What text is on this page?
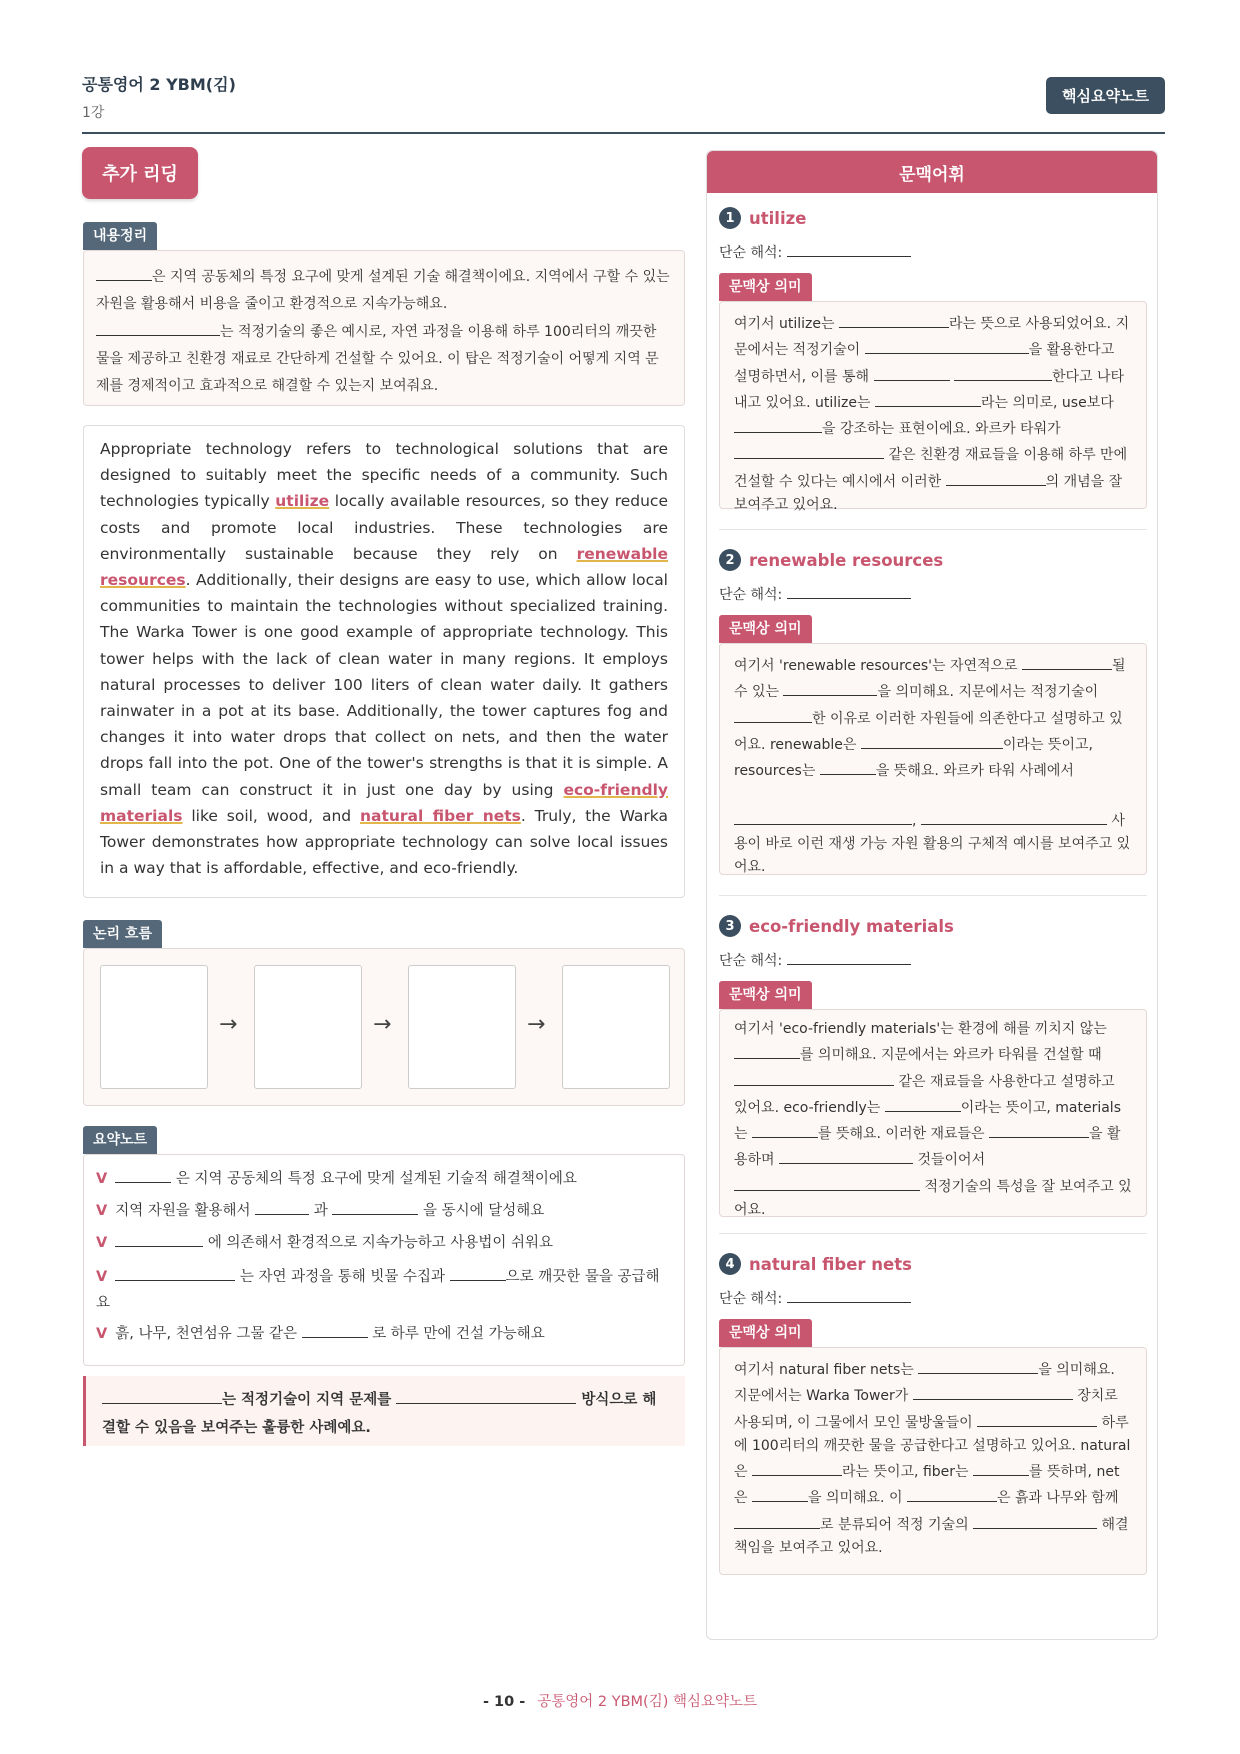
공통영어 2 YBM(김)
1강
핵심요약노트
추가 리딩
내용정리
은 지역 공동체의 특정 요구에 맞게 설계된 기술 해결책이에요. 지역에서 구할 수 있는 자원을 활용해서 비용을 줄이고 환경적으로 지속가능해요.
는 적정기술의 좋은 예시로, 자연 과정을 이용해 하루 100리터의 깨끗한 물을 제공하고 친환경 재료로 간단하게 건설할 수 있어요. 이 탑은 적정기술이 어떻게 지역 문제를 경제적이고 효과적으로 해결할 수 있는지 보여줘요.
Appropriate technology refers to technological solutions that are designed to suitably meet the specific needs of a community. Such technologies typically utilize locally available resources, so they reduce costs and promote local industries. These technologies are environmentally sustainable because they rely on renewable resources. Additionally, their designs are easy to use, which allow local communities to maintain the technologies without specialized training. The Warka Tower is one good example of appropriate technology. This tower helps with the lack of clean water in many regions. It employs natural processes to deliver 100 liters of clean water daily. It gathers rainwater in a pot at its base. Additionally, the tower captures fog and changes it into water drops that collect on nets, and then the water drops fall into the pot. One of the tower's strengths is that it is simple. A small team can construct it in just one day by using eco-friendly materials like soil, wood, and natural fiber nets. Truly, the Warka Tower demonstrates how appropriate technology can solve local issues in a way that is affordable, effective, and eco-friendly.
논리 흐름
→	→	→
요약노트
V	은 지역 공동체의 특정 요구에 맞게 설계된 기술적 해결책이에요
V 지역 자원을 활용해서	과	을 동시에 달성해요
V	에 의존해서 환경적으로 지속가능하고 사용법이 쉬워요
V	는 자연 과정을 통해 빗물 수집과	으로 깨끗한 물을 공급해요
V 흙, 나무, 천연섬유 그물 같은	로 하루 만에 건설 가능해요
는 적정기술이 지역 문제를	방식으로 해결할 수 있음을 보여주는 훌륭한 사례예요.
문맥어휘
1 utilize
단순 해석:
문맥상 의미
여기서 utilize는	라는 뜻으로 사용되었어요. 지문에서는 적정기술이	을 활용한다고 설명하면서, 이를 통해	한다고 나타내고 있어요. utilize는	라는 의미로, use보다 을 강조하는 표현이에요. 와르카 타워가  같은 친환경 재료들을 이용해 하루 만에 건설할 수 있다는 예시에서 이러한	의 개념을 잘 보여주고 있어요.
2 renewable resources
단순 해석:
문맥상 의미
여기서 'renewable resources'는 자연적으로	될 수 있는	을 의미해요. 지문에서는 적정기술이 한 이유로 이러한 자원들에 의존한다고 설명하고 있어요. renewable은	이라는 뜻이고, resources는	을 뜻해요. 와르카 타워 사례에서

,	사용이 바로 이런 재생 가능 자원 활용의 구체적 예시를 보여주고 있어요.
3 eco-friendly materials
단순 해석:
문맥상 의미
여기서 'eco-friendly materials'는 환경에 해를 끼치지 않는 를 의미해요. 지문에서는 와르카 타워를 건설할 때  같은 재료들을 사용한다고 설명하고 있어요. eco-friendly는	이라는 뜻이고, materials는	를 뜻해요. 이러한 재료들은	을 활용하며	것들이어서  적정기술의 특성을 잘 보여주고 있어요.
4 natural fiber nets
단순 해석:
문맥상 의미
여기서 natural fiber nets는	을 의미해요. 지문에서는 Warka Tower가	장치로 사용되며, 이 그물에서 모인 물방울들이	하루에 100리터의 깨끗한 물을 공급한다고 설명하고 있어요. natural은	라는 뜻이고, fiber는	를 뜻하며, net은	을 의미해요. 이	은 흙과 나무와 함께 로 분류되어 적정 기술의	해결책임을 보여주고 있어요.
- 10 - 공통영어 2 YBM(김) 핵심요약노트
